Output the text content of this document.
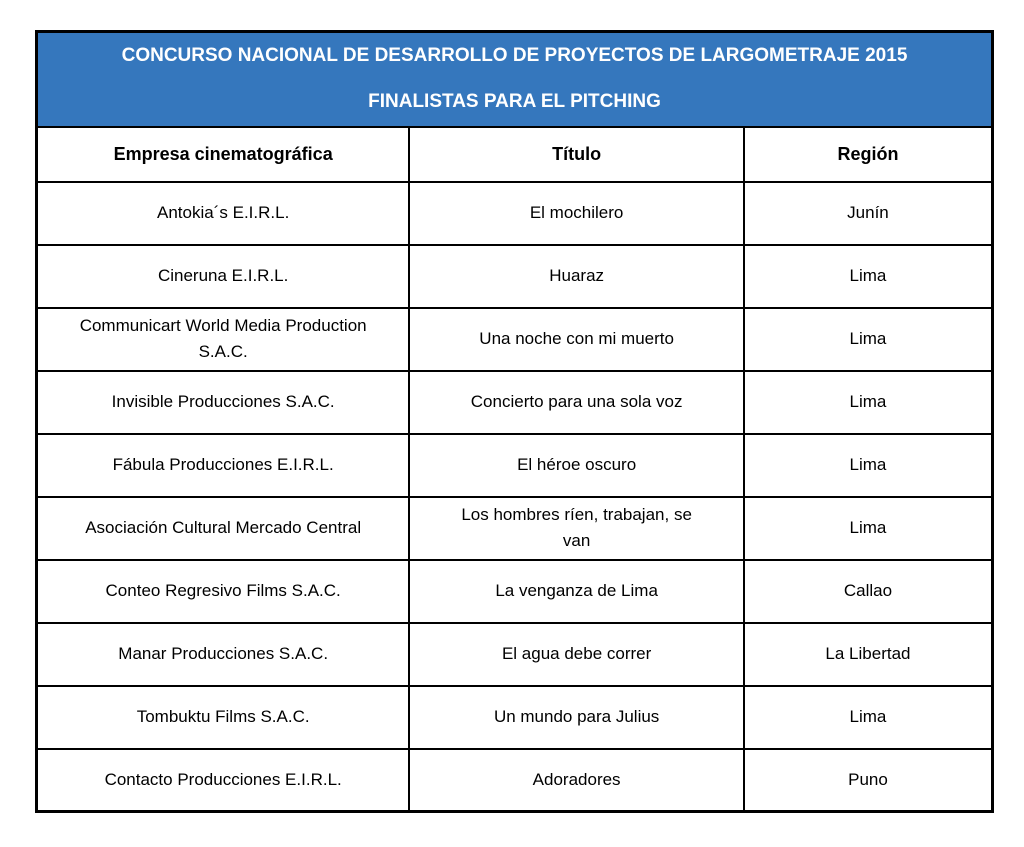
CONCURSO NACIONAL DE DESARROLLO DE PROYECTOS DE LARGOMETRAJE 2015
FINALISTAS PARA EL PITCHING		

Empresa cinematográfica	Título	Región
Antokia´s E.I.R.L.	El mochilero	Junín
Cineruna E.I.R.L.	Huaraz	Lima
Communicart World Media Production S.A.C.	Una noche con mi muerto	Lima
Invisible Producciones S.A.C.	Concierto para una sola voz	Lima
Fábula Producciones E.I.R.L.	El héroe oscuro	Lima
Asociación Cultural Mercado Central	Los hombres ríen, trabajan, se van	Lima
Conteo Regresivo Films S.A.C.	La venganza de Lima	Callao
Manar Producciones S.A.C.	El agua debe correr	La Libertad
Tombuktu Films S.A.C.	Un mundo para Julius	Lima
Contacto Producciones E.I.R.L.	Adoradores	Puno
